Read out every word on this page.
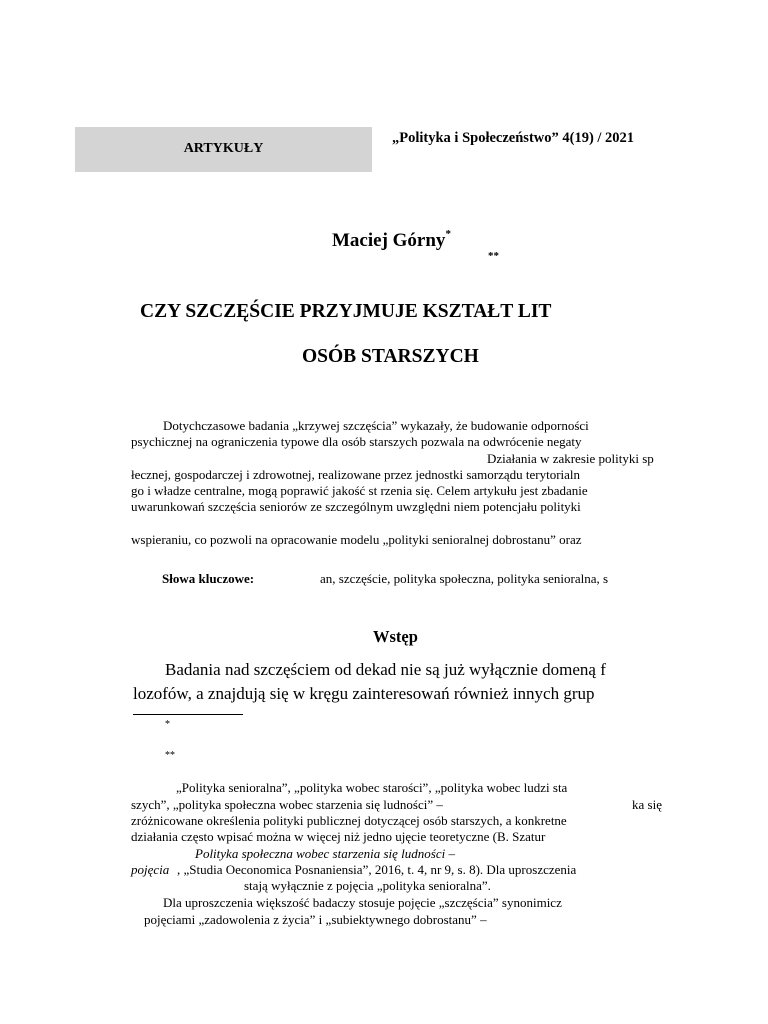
ARTYKUŁY
„Polityka i Społeczeństwo” 4(19) / 2021
Maciej Górny*
**
CZY SZCZĘŚCIE PRZYJMUJE KSZTAŁT LIT
OSÓB STARSZYCH
Dotychczasowe badania „krzywej szczęścia” wykazały, że budowanie odporności
psychicznej na ograniczenia typowe dla osób starszych pozwala na odwrócenie negaty
Działania w zakresie polityki sp
łecznej, gospodarczej i zdrowotnej, realizowane przez jednostki samorządu terytorialn
go i władze centralne, mogą poprawić jakość st rzenia się. Celem artykułu jest zbadanie
uwarunkowań szczęścia seniorów ze szczególnym uwzględni niem potencjału polityki
wspieraniu, co pozwoli na opracowanie modelu „polityki senioralnej dobrostanu” oraz
Słowa kluczowe:	an, szczęście, polityka społeczna, polityka senioralna, s
Wstęp
Badania nad szczęściem od dekad nie są już wyłącznie domeną f
lozofów, a znajdują się w kręgu zainteresowań również innych grup
*
**
„Polityka senioralna”, „polityka wobec starości”, „polityka wobec ludzi sta
szych”, „polityka społeczna wobec starzenia się ludności” –	ka się
zróżnicowane określenia polityki publicznej dotyczącej osób starszych, a konkretne
działania często wpisać można w więcej niż jedno ujęcie teoretyczne (B. Szatur
Polityka społeczna wobec starzenia się ludności –
pojęcia , „Studia Oeconomica Posnaniensia”, 2016, t. 4, nr 9, s. 8). Dla uproszczenia
stają wyłącznie z pojęcia „polityka senioralna”.
Dla uproszczenia większość badaczy stosuje pojęcie „szczęścia” synonimicz
pojęciami „zadowolenia z życia” i „subiektywnego dobrostanu” –
